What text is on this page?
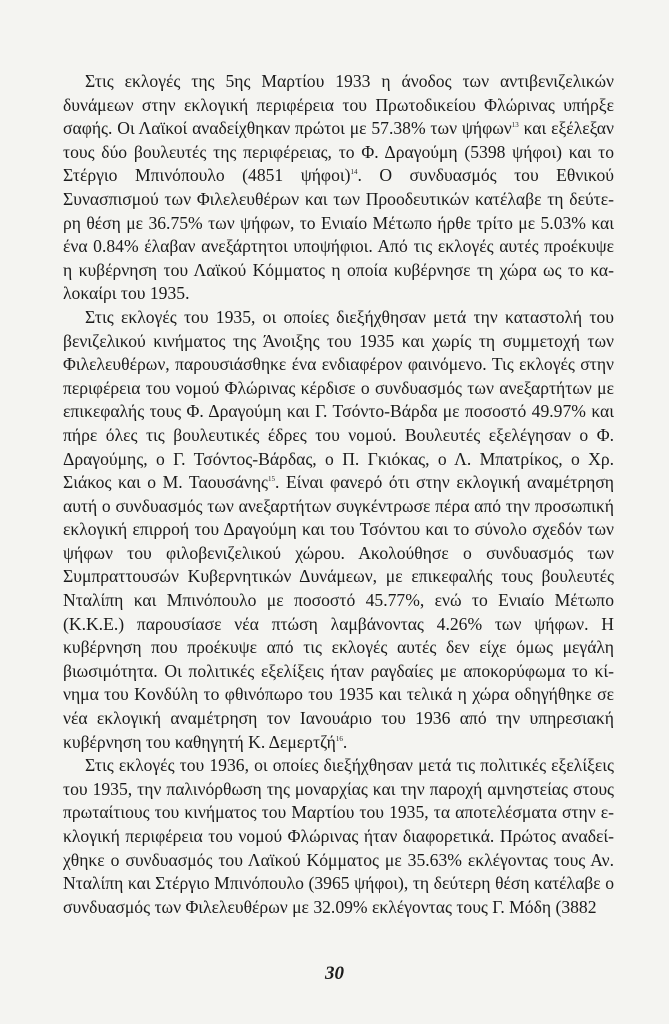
Στις εκλογές της 5ης Μαρτίου 1933 η άνοδος των αντιβενιζελικών δυνάμεων στην εκλογική περιφέρεια του Πρωτοδικείου Φλώρινας υπήρξε σαφής. Οι Λαϊκοί αναδείχθηκαν πρώτοι με 57.38% των ψήφων$^{13}$ και εξέλεξαν τους δύο βουλευτές της περιφέρειας, το Φ. Δραγούμη (5398 ψήφοι) και το Στέργιο Μπινόπουλο (4851 ψήφοι)$^{14}$. Ο συνδυασμός του Εθνικού Συνασπισμού των Φιλελευθέρων και των Προοδευτικών κατέλαβε τη δεύτερη θέση με 36.75% των ψήφων, το Ενιαίο Μέτωπο ήρθε τρίτο με 5.03% και ένα 0.84% έλαβαν ανεξάρτητοι υποψήφιοι. Από τις εκλογές αυτές προέκυψε η κυβέρνηση του Λαϊκού Κόμματος η οποία κυβέρνησε τη χώρα ως το καλοκαίρι του 1935.

Στις εκλογές του 1935, οι οποίες διεξήχθησαν μετά την καταστολή του βενιζελικού κινήματος της Άνοιξης του 1935 και χωρίς τη συμμετοχή των Φιλελευθέρων, παρουσιάσθηκε ένα ενδιαφέρον φαινόμενο. Τις εκλογές στην περιφέρεια του νομού Φλώρινας κέρδισε ο συνδυασμός των ανεξαρτήτων με επικεφαλής τους Φ. Δραγούμη και Γ. Τσόντο-Βάρδα με ποσοστό 49.97% και πήρε όλες τις βουλευτικές έδρες του νομού. Βουλευτές εξελέγησαν ο Φ. Δραγούμης, ο Γ. Τσόντος-Βάρδας, ο Π. Γκιόκας, ο Λ. Μπατρίκος, ο Χρ. Σιάκος και ο Μ. Ταουσάνης$^{15}$. Είναι φανερό ότι στην εκλογική αναμέτρηση αυτή ο συνδυασμός των ανεξαρτήτων συγκέντρωσε πέρα από την προσωπική εκλογική επιρροή του Δραγούμη και του Τσόντου και το σύνολο σχεδόν των ψήφων του φιλοβενιζελικού χώρου. Ακολούθησε ο συνδυασμός των Συμπραττουσών Κυβερνητικών Δυνάμεων, με επικεφαλής τους βουλευτές Νταλίπη και Μπινόπουλο με ποσοστό 45.77%, ενώ το Ενιαίο Μέτωπο (Κ.Κ.Ε.) παρουσίασε νέα πτώση λαμβάνοντας 4.26% των ψήφων. Η κυβέρνηση που προέκυψε από τις εκλογές αυτές δεν είχε όμως μεγάλη βιωσιμότητα. Οι πολιτικές εξελίξεις ήταν ραγδαίες με αποκορύφωμα το κίνημα του Κονδύλη το φθινόπωρο του 1935 και τελικά η χώρα οδηγήθηκε σε νέα εκλογική αναμέτρηση τον Ιανουάριο του 1936 από την υπηρεσιακή κυβέρνηση του καθηγητή Κ. Δεμερτζή$^{16}$.

Στις εκλογές του 1936, οι οποίες διεξήχθησαν μετά τις πολιτικές εξελίξεις του 1935, την παλινόρθωση της μοναρχίας και την παροχή αμνηστείας στους πρωταίτιους του κινήματος του Μαρτίου του 1935, τα αποτελέσματα στην εκλογική περιφέρεια του νομού Φλώρινας ήταν διαφορετικά. Πρώτος αναδείχθηκε ο συνδυασμός του Λαϊκού Κόμματος με 35.63% εκλέγοντας τους Αν. Νταλίπη και Στέργιο Μπινόπουλο (3965 ψήφοι), τη δεύτερη θέση κατέλαβε ο συνδυασμός των Φιλελευθέρων με 32.09% εκλέγοντας τους Γ. Μόδη (3882

30
